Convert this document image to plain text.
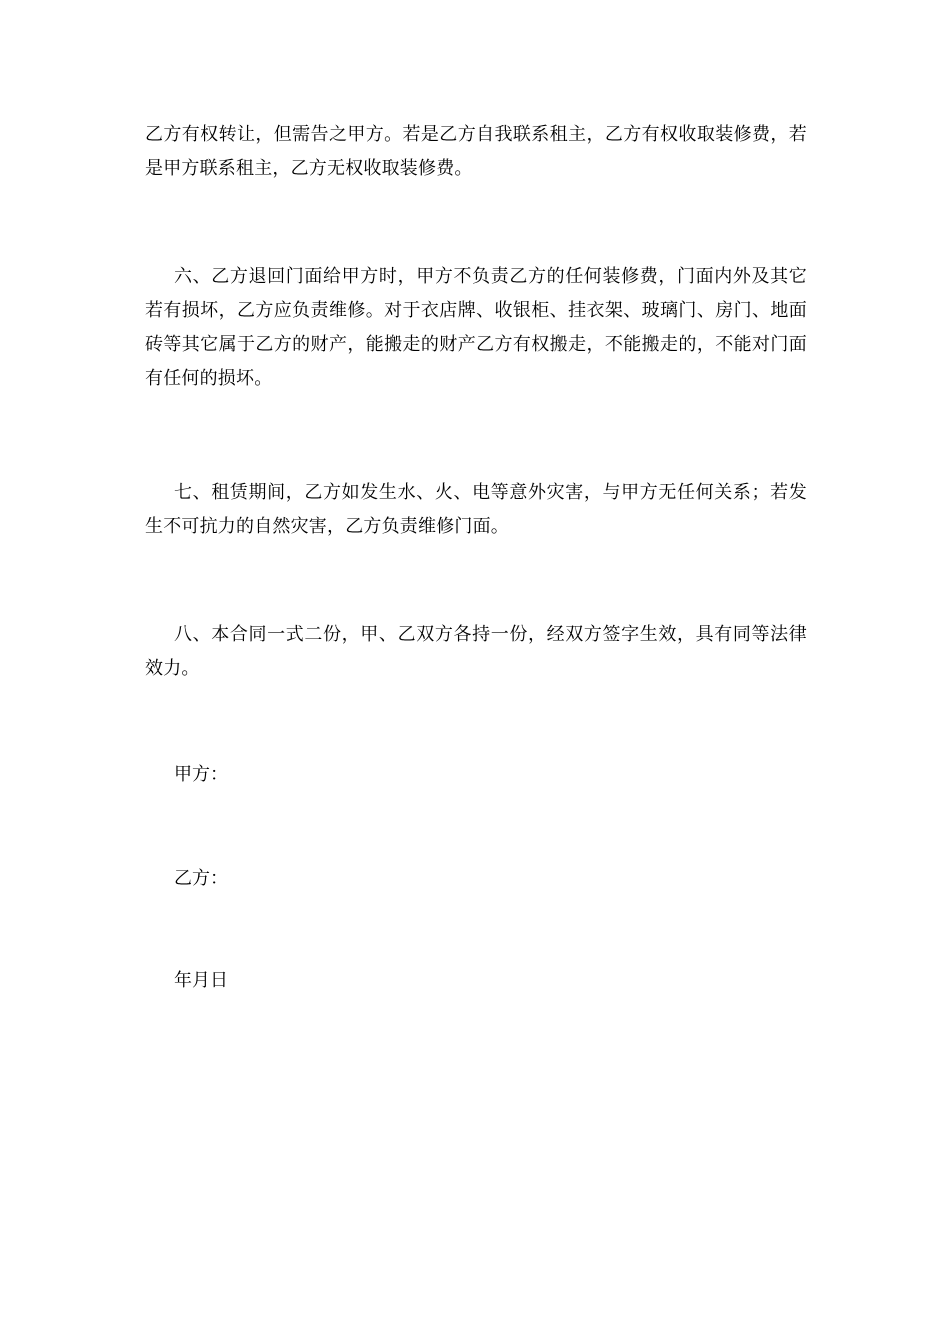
乙方有权转让，但需告之甲方。若是乙方自我联系租主，乙方有权收取装修费，若是甲方联系租主，乙方无权收取装修费。

六、乙方退回门面给甲方时，甲方不负责乙方的任何装修费，门面内外及其它若有损坏，乙方应负责维修。对于衣店牌、收银柜、挂衣架、玻璃门、房门、地面砖等其它属于乙方的财产，能搬走的财产乙方有权搬走，不能搬走的，不能对门面有任何的损坏。

七、租赁期间，乙方如发生水、火、电等意外灾害，与甲方无任何关系；若发生不可抗力的自然灾害，乙方负责维修门面。

八、本合同一式二份，甲、乙双方各持一份，经双方签字生效，具有同等法律效力。

甲方：

乙方：

年月日
